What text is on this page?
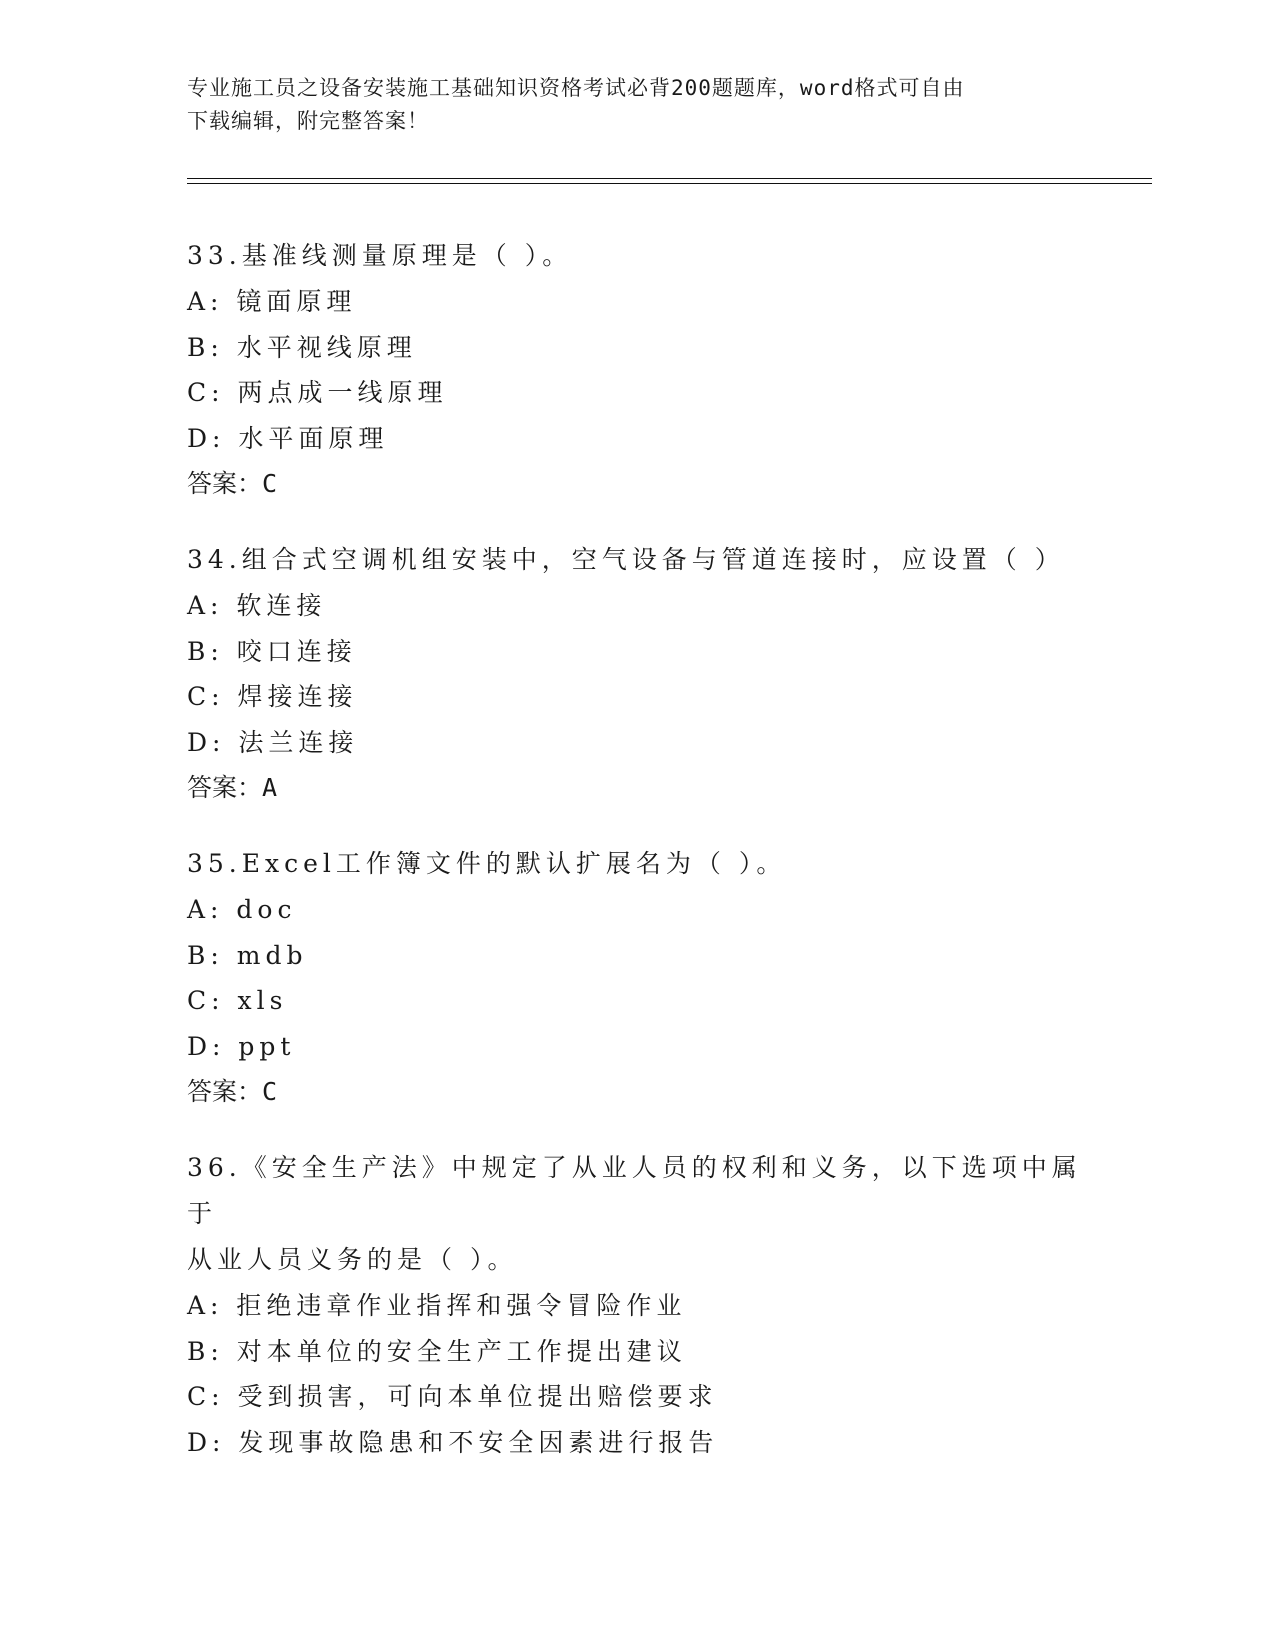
专业施工员之设备安装施工基础知识资格考试必背200题题库，word格式可自由
下载编辑，附完整答案！
33.基准线测量原理是（ ）。
A: 镜面原理
B: 水平视线原理
C: 两点成一线原理
D: 水平面原理
答案：C
34.组合式空调机组安装中，空气设备与管道连接时，应设置（ ）
A: 软连接
B: 咬口连接
C: 焊接连接
D: 法兰连接
答案：A
35.Excel工作簿文件的默认扩展名为（ ）。
A: doc
B: mdb
C: xls
D: ppt
答案：C
36.《安全生产法》中规定了从业人员的权利和义务，以下选项中属于
从业人员义务的是（ ）。
A: 拒绝违章作业指挥和强令冒险作业
B: 对本单位的安全生产工作提出建议
C: 受到损害，可向本单位提出赔偿要求
D: 发现事故隐患和不安全因素进行报告
